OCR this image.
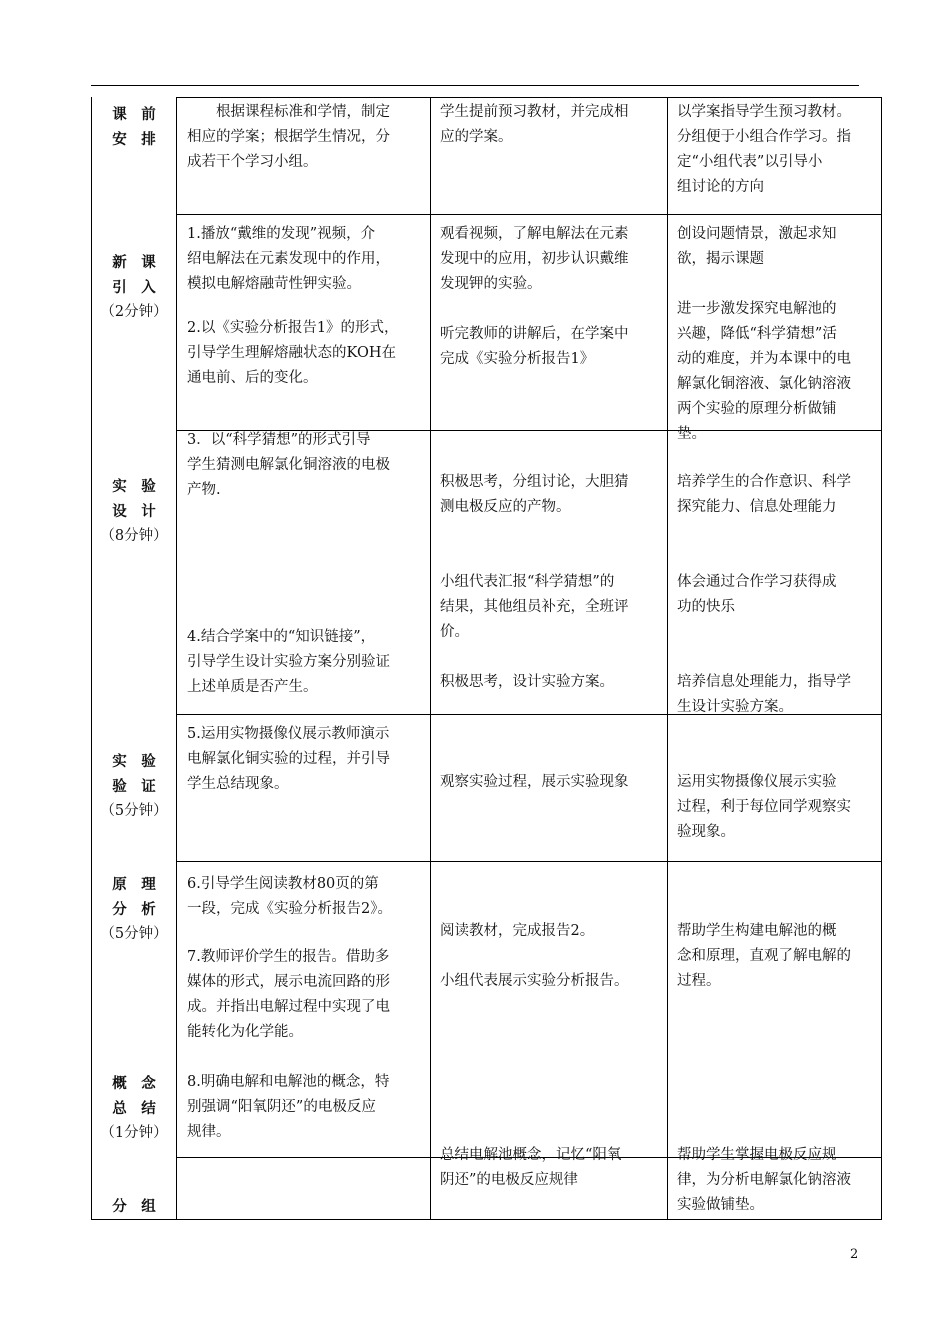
课　前
安　排
新　课
引　入
（2分钟）
实　验
设　计
（8分钟）
实　验
验　证
（5分钟）
原　理
分　析
（5分钟）
概　念
总　结
（1分钟）
分　组
　　根据课程标准和学情，制定
相应的学案；根据学生情况，分
成若干个学习小组。
1.播放“戴维的发现”视频，介
绍电解法在元素发现中的作用，
模拟电解熔融苛性钾实验。
2.以《实验分析报告1》的形式，
引导学生理解熔融状态的KOH在
通电前、后的变化。
3．以“科学猜想”的形式引导
学生猜测电解氯化铜溶液的电极
产物.
4.结合学案中的“知识链接”，
引导学生设计实验方案分别验证
上述单质是否产生。
5.运用实物摄像仪展示教师演示
电解氯化铜实验的过程，并引导
学生总结现象。
6.引导学生阅读教材80页的第
一段，完成《实验分析报告2》。
7.教师评价学生的报告。借助多
媒体的形式，展示电流回路的形
成。并指出电解过程中实现了电
能转化为化学能。
8.明确电解和电解池的概念，特
别强调“阳氧阴还”的电极反应
规律。
学生提前预习教材，并完成相
应的学案。
观看视频，了解电解法在元素
发现中的应用，初步认识戴维
发现钾的实验。
听完教师的讲解后，在学案中
完成《实验分析报告1》
积极思考，分组讨论，大胆猜
测电极反应的产物。
小组代表汇报“科学猜想”的
结果，其他组员补充，全班评
价。
积极思考，设计实验方案。
观察实验过程，展示实验现象
阅读教材，完成报告2。
小组代表展示实验分析报告。
总结电解池概念，记忆“阳氧
阴还”的电极反应规律
以学案指导学生预习教材。
分组便于小组合作学习。指
定“小组代表”以引导小
组讨论的方向
创设问题情景，激起求知
欲，揭示课题
进一步激发探究电解池的
兴趣，降低“科学猜想”活
动的难度，并为本课中的电
解氯化铜溶液、氯化钠溶液
两个实验的原理分析做铺
垫。
培养学生的合作意识、科学
探究能力、信息处理能力
体会通过合作学习获得成
功的快乐
培养信息处理能力，指导学
生设计实验方案。
运用实物摄像仪展示实验
过程，利于每位同学观察实
验现象。
帮助学生构建电解池的概
念和原理，直观了解电解的
过程。
帮助学生掌握电极反应规
律，为分析电解氯化钠溶液
实验做铺垫。
2
